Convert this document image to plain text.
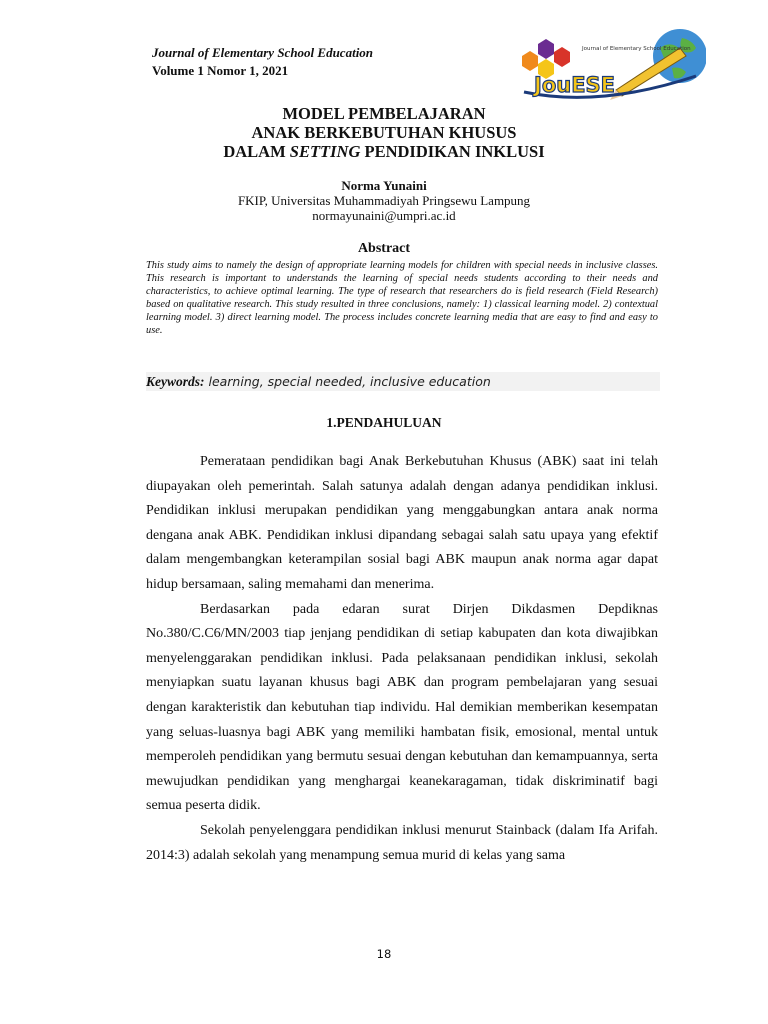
Journal of Elementary School Education
Volume 1 Nomor 1, 2021
Journal of Elementary School Education
JouESE
MODEL PEMBELAJARAN
ANAK BERKEBUTUHAN KHUSUS
DALAM SETTING PENDIDIKAN INKLUSI
Norma Yunaini
FKIP, Universitas Muhammadiyah Pringsewu Lampung
normayunaini@umpri.ac.id
Abstract
This study aims to namely the design of appropriate learning models for children with special needs in inclusive classes. This research is important to understands the learning of special needs students according to their needs and characteristics, to achieve optimal learning. The type of research that researchers do is field research (Field Research) based on qualitative research. This study resulted in three conclusions, namely: 1) classical learning model. 2) contextual learning model. 3) direct learning model. The process includes concrete learning media that are easy to find and easy to use.
Keywords: learning, special needed, inclusive education
1.PENDAHULUAN

Pemerataan pendidikan bagi Anak Berkebutuhan Khusus (ABK) saat ini telah diupayakan oleh pemerintah. Salah satunya adalah dengan adanya pendidikan inklusi. Pendidikan inklusi merupakan pendidikan yang menggabungkan antara anak norma dengana anak ABK. Pendidikan inklusi dipandang sebagai salah satu upaya yang efektif dalam mengembangkan keterampilan sosial bagi ABK maupun anak norma agar dapat hidup bersamaan, saling memahami dan menerima.

Berdasarkan pada edaran surat Dirjen Dikdasmen Depdiknas No.380/C.C6/MN/2003 tiap jenjang pendidikan di setiap kabupaten dan kota diwajibkan menyelenggarakan pendidikan inklusi. Pada pelaksanaan pendidikan inklusi, sekolah menyiapkan suatu layanan khusus bagi ABK dan program pembelajaran yang sesuai dengan karakteristik dan kebutuhan tiap individu. Hal demikian memberikan kesempatan yang seluas-luasnya bagi ABK yang memiliki hambatan fisik, emosional, mental untuk memperoleh pendidikan yang bermutu sesuai dengan kebutuhan dan kemampuannya, serta mewujudkan pendidikan yang menghargai keanekaragaman, tidak diskriminatif bagi semua peserta didik.

Sekolah penyelenggara pendidikan inklusi menurut Stainback (dalam Ifa Arifah. 2014:3) adalah sekolah yang menampung semua murid di kelas yang sama

18
